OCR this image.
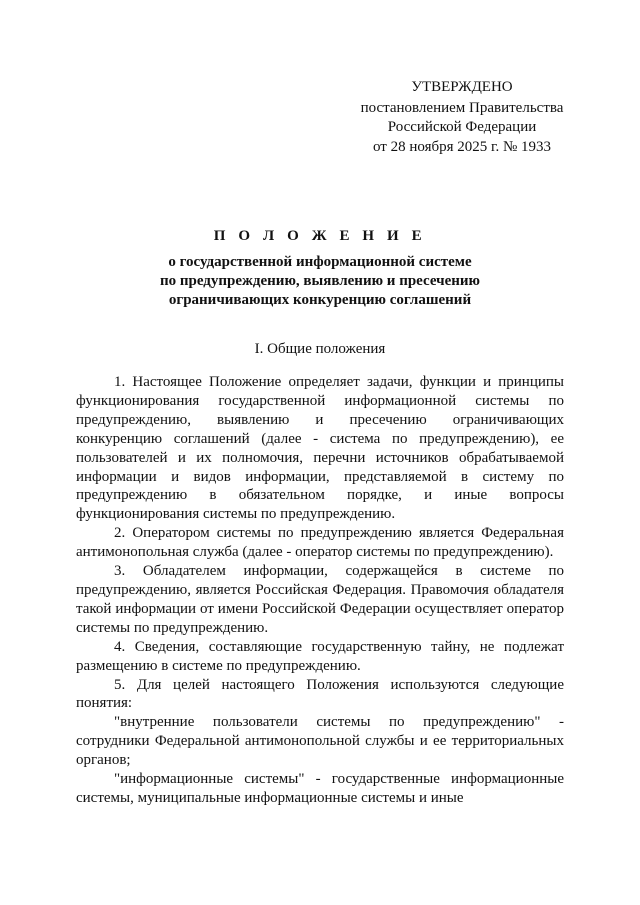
УТВЕРЖДЕНО
постановлением Правительства
Российской Федерации
от 28 ноября 2025 г. № 1933
П О Л О Ж Е Н И Е
о государственной информационной системе
по предупреждению, выявлению и пресечению
ограничивающих конкуренцию соглашений
I. Общие положения

1. Настоящее Положение определяет задачи, функции и принципы функционирования государственной информационной системы по предупреждению, выявлению и пресечению ограничивающих конкуренцию соглашений (далее - система по предупреждению), ее пользователей и их полномочия, перечни источников обрабатываемой информации и видов информации, представляемой в систему по предупреждению в обязательном порядке, и иные вопросы функционирования системы по предупреждению.

2. Оператором системы по предупреждению является Федеральная антимонопольная служба (далее - оператор системы по предупреждению).

3. Обладателем информации, содержащейся в системе по предупреждению, является Российская Федерация. Правомочия обладателя такой информации от имени Российской Федерации осуществляет оператор системы по предупреждению.

4. Сведения, составляющие государственную тайну, не подлежат размещению в системе по предупреждению.

5. Для целей настоящего Положения используются следующие понятия:

"внутренние пользователи системы по предупреждению" - сотрудники Федеральной антимонопольной службы и ее территориальных органов;

"информационные системы" - государственные информационные системы, муниципальные информационные системы и иные
